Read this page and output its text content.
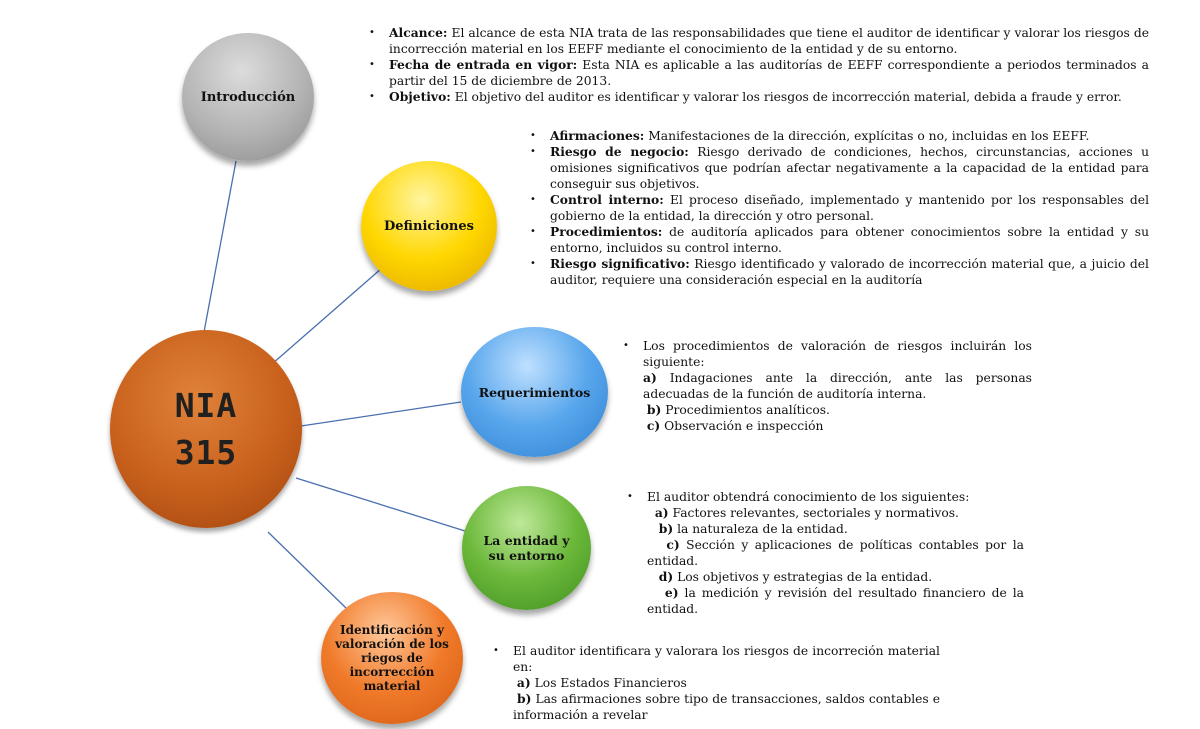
Introducción
Definiciones
Requerimientos
La entidad y
su entorno
Identificación y valoración de los riegos de incorrección material
NIA
315
• Alcance: El alcance de esta NIA trata de las responsabilidades que tiene el auditor de identificar y valorar los riesgos de incorrección material en los EEFF mediante el conocimiento de la entidad y de su entorno.
• Fecha de entrada en vigor: Esta NIA es aplicable a las auditorías de EEFF correspondiente a periodos terminados a partir del 15 de diciembre de 2013.
• Objetivo: El objetivo del auditor es identificar y valorar los riesgos de incorrección material, debida a fraude y error.
• Afirmaciones: Manifestaciones de la dirección, explícitas o no, incluidas en los EEFF.
• Riesgo de negocio: Riesgo derivado de condiciones, hechos, circunstancias, acciones u omisiones significativos que podrían afectar negativamente a la capacidad de la entidad para conseguir sus objetivos.
• Control interno: El proceso diseñado, implementado y mantenido por los responsables del gobierno de la entidad, la dirección y otro personal.
• Procedimientos: de auditoría aplicados para obtener conocimientos sobre la entidad y su entorno, incluidos su control interno.
• Riesgo significativo: Riesgo identificado y valorado de incorrección material que, a juicio del auditor, requiere una consideración especial en la auditoría
• Los procedimientos de valoración de riesgos incluirán los siguiente:
a) Indagaciones ante la dirección, ante las personas adecuadas de la función de auditoría interna.
b) Procedimientos analíticos.
c) Observación e inspección
• El auditor obtendrá conocimiento de los siguientes:
a) Factores relevantes, sectoriales y normativos.
b) la naturaleza de la entidad.
c) Sección y aplicaciones de políticas contables por la entidad.
d) Los objetivos y estrategias de la entidad.
e) la medición y revisión del resultado financiero de la entidad.
• El auditor identificara y valorara los riesgos de incorreción material en:
a) Los Estados Financieros
b) Las afirmaciones sobre tipo de transacciones, saldos contables e información a revelar
